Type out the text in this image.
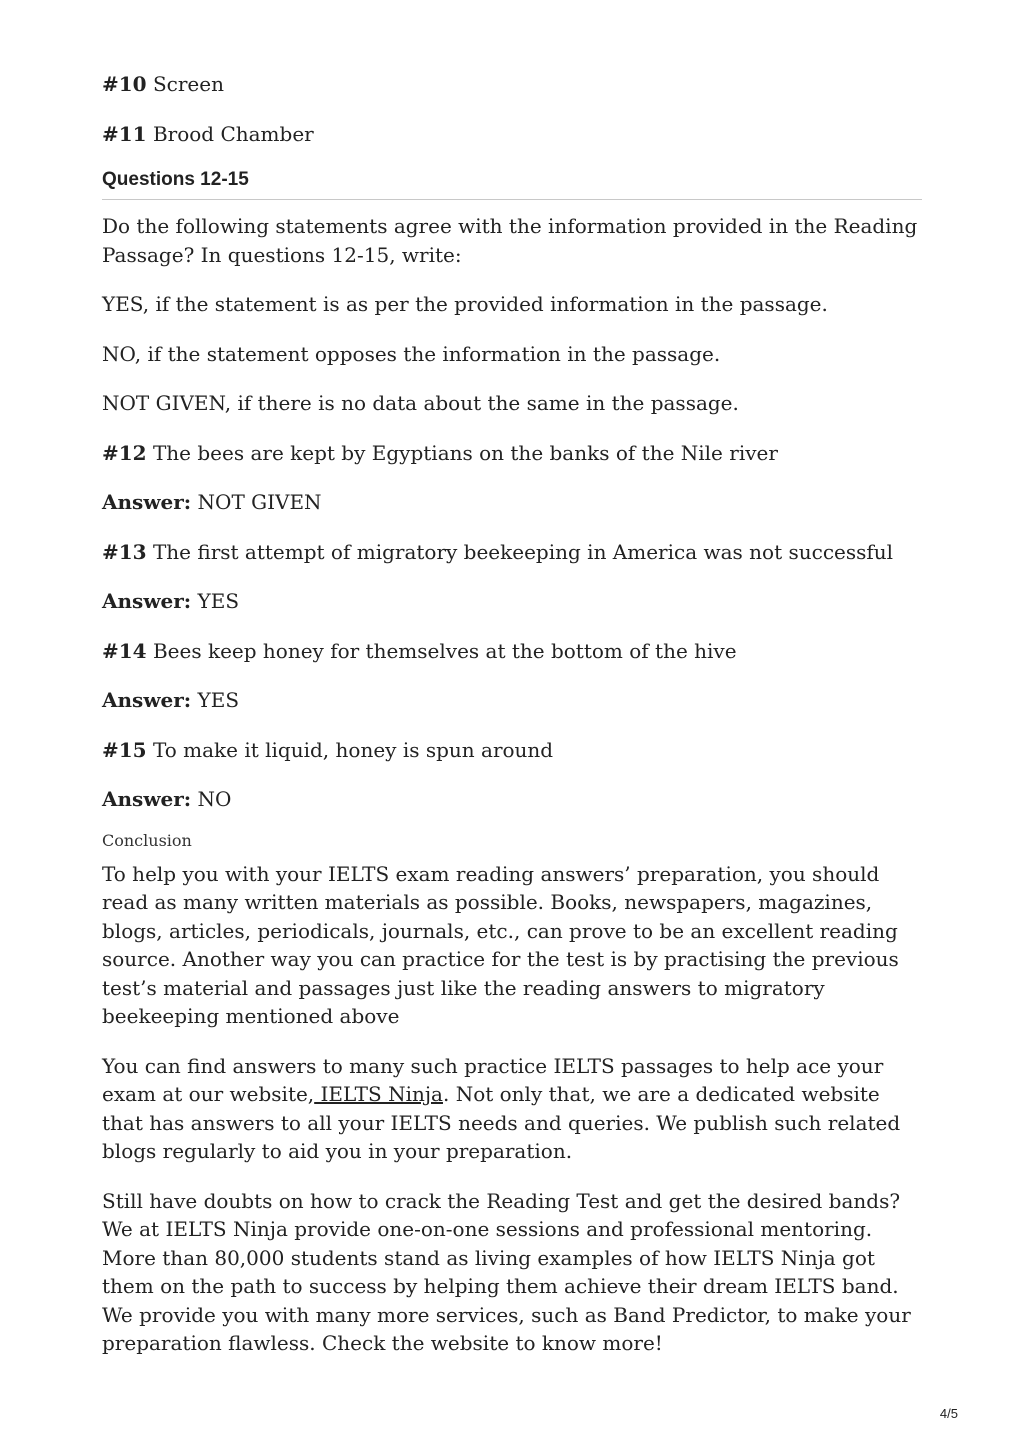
#10 Screen

#11 Brood Chamber

Questions 12-15

Do the following statements agree with the information provided in the Reading Passage? In questions 12-15, write:

YES, if the statement is as per the provided information in the passage.

NO, if the statement opposes the information in the passage.

NOT GIVEN, if there is no data about the same in the passage.

#12 The bees are kept by Egyptians on the banks of the Nile river

Answer: NOT GIVEN

#13 The first attempt of migratory beekeeping in America was not successful

Answer: YES

#14 Bees keep honey for themselves at the bottom of the hive

Answer: YES

#15 To make it liquid, honey is spun around

Answer: NO

Conclusion

To help you with your IELTS exam reading answers’ preparation, you should read as many written materials as possible. Books, newspapers, magazines, blogs, articles, periodicals, journals, etc., can prove to be an excellent reading source. Another way you can practice for the test is by practising the previous test’s material and passages just like the reading answers to migratory beekeeping mentioned above

You can find answers to many such practice IELTS passages to help ace your exam at our website, IELTS Ninja. Not only that, we are a dedicated website that has answers to all your IELTS needs and queries. We publish such related blogs regularly to aid you in your preparation.

Still have doubts on how to crack the Reading Test and get the desired bands? We at IELTS Ninja provide one-on-one sessions and professional mentoring. More than 80,000 students stand as living examples of how IELTS Ninja got them on the path to success by helping them achieve their dream IELTS band. We provide you with many more services, such as Band Predictor, to make your preparation flawless. Check the website to know more!

4/5
